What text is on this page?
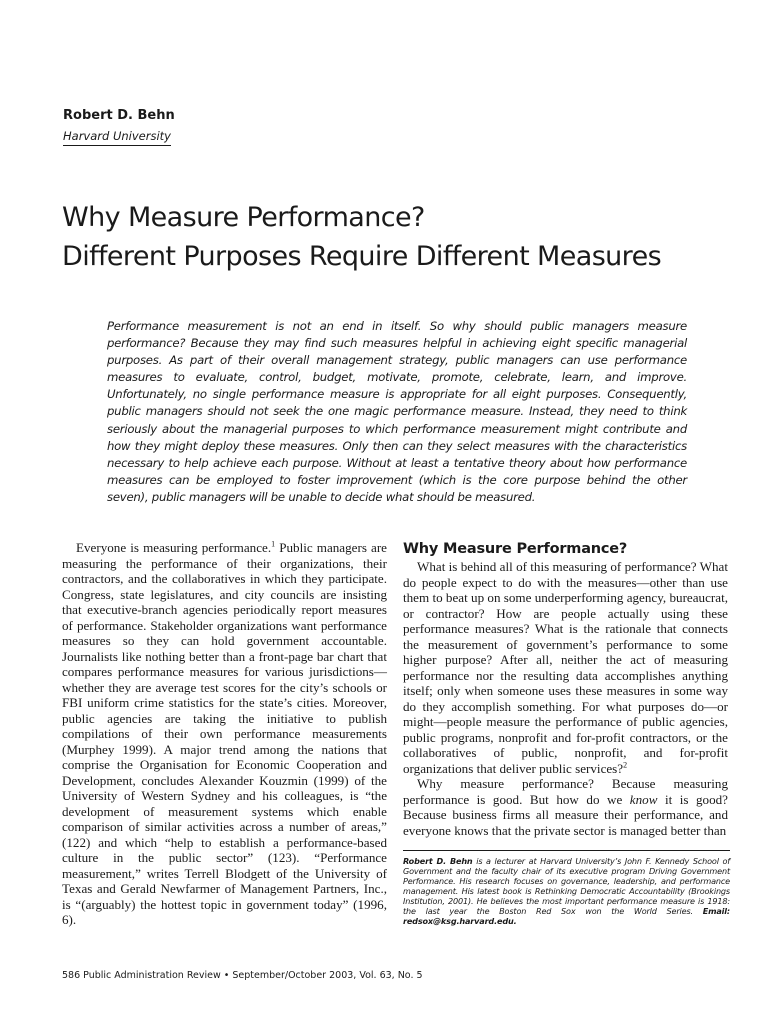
Robert D. Behn
Harvard University
Why Measure Performance?
Different Purposes Require Different Measures

Performance measurement is not an end in itself. So why should public managers measure performance? Because they may find such measures helpful in achieving eight specific managerial purposes. As part of their overall management strategy, public managers can use performance measures to evaluate, control, budget, motivate, promote, celebrate, learn, and improve. Unfortunately, no single performance measure is appropriate for all eight purposes. Consequently, public managers should not seek the one magic performance measure. Instead, they need to think seriously about the managerial purposes to which performance measurement might contribute and how they might deploy these measures. Only then can they select measures with the characteristics necessary to help achieve each purpose. Without at least a tentative theory about how performance measures can be employed to foster improvement (which is the core purpose behind the other seven), public managers will be unable to decide what should be measured.

Everyone is measuring performance.$^1$ Public managers are measuring the performance of their organizations, their contractors, and the collaboratives in which they participate. Congress, state legislatures, and city councils are insisting that executive-branch agencies periodically report measures of performance. Stakeholder organizations want performance measures so they can hold government accountable. Journalists like nothing better than a front-page bar chart that compares performance measures for various jurisdictions—whether they are average test scores for the city’s schools or FBI uniform crime statistics for the state’s cities. Moreover, public agencies are taking the initiative to publish compilations of their own performance measurements (Murphey 1999). A major trend among the nations that comprise the Organisation for Economic Cooperation and Development, concludes Alexander Kouzmin (1999) of the University of Western Sydney and his colleagues, is “the development of measurement systems which enable comparison of similar activities across a number of areas,” (122) and which “help to establish a performance-based culture in the public sector” (123). “Performance measurement,” writes Terrell Blodgett of the University of Texas and Gerald Newfarmer of Management Partners, Inc., is “(arguably) the hottest topic in government today” (1996, 6).

Why Measure Performance?

What is behind all of this measuring of performance? What do people expect to do with the measures—other than use them to beat up on some underperforming agency, bureaucrat, or contractor? How are people actually using these performance measures? What is the rationale that connects the measurement of government’s performance to some higher purpose? After all, neither the act of measuring performance nor the resulting data accomplishes anything itself; only when someone uses these measures in some way do they accomplish something. For what purposes do—or might—people measure the performance of public agencies, public programs, nonprofit and for-profit contractors, or the collaboratives of public, nonprofit, and for-profit organizations that deliver public services?$^2$

Why measure performance? Because measuring performance is good. But how do we know it is good? Because business firms all measure their performance, and everyone knows that the private sector is managed better than

Robert D. Behn is a lecturer at Harvard University’s John F. Kennedy School of Government and the faculty chair of its executive program Driving Government Performance. His research focuses on governance, leadership, and performance management. His latest book is Rethinking Democratic Accountability (Brookings Institution, 2001). He believes the most important performance measure is 1918: the last year the Boston Red Sox won the World Series. Email: redsox@ksg.harvard.edu.
586 Public Administration Review • September/October 2003, Vol. 63, No. 5
